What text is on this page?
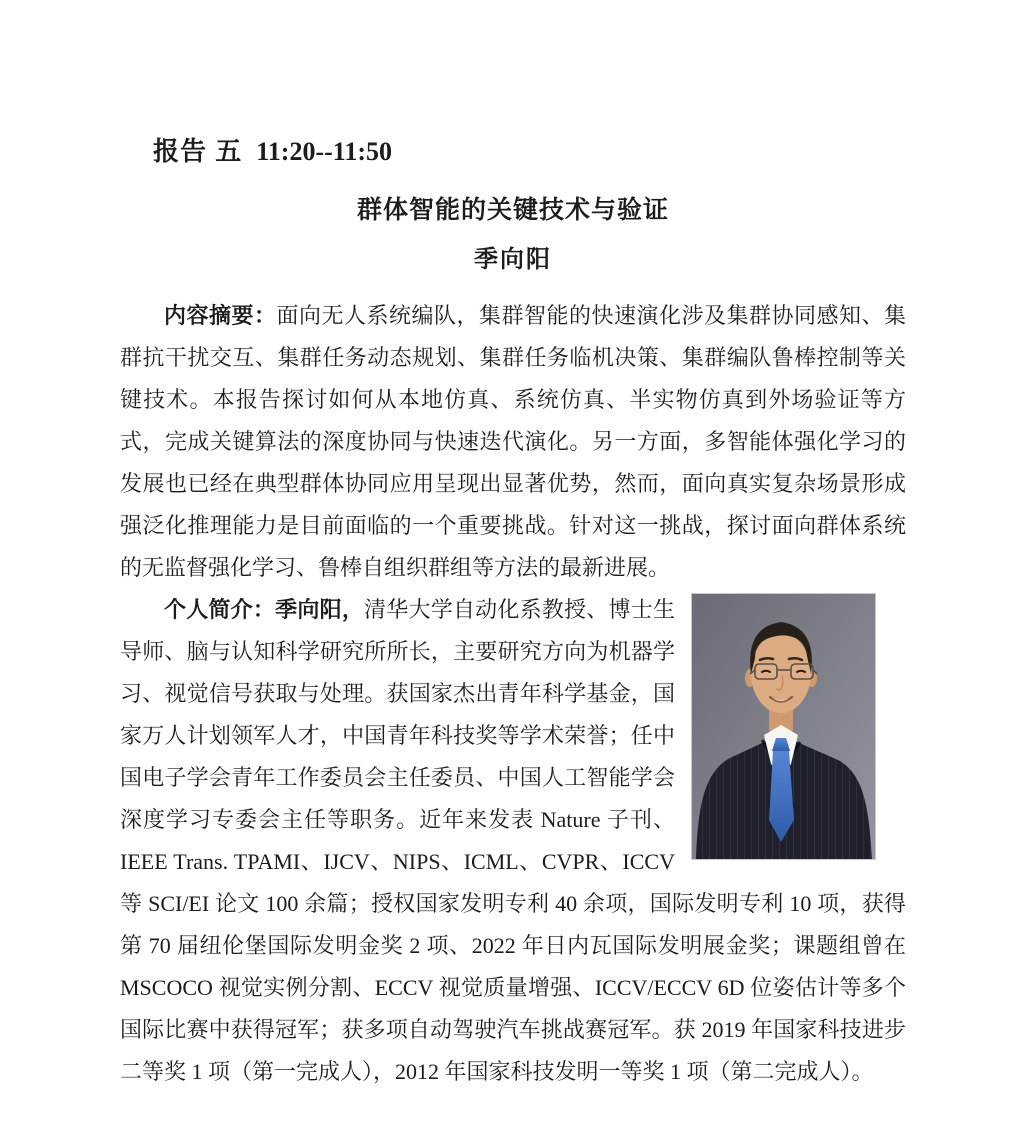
报告 五 11:20--11:50
群体智能的关键技术与验证
季向阳

内容摘要：面向无人系统编队，集群智能的快速演化涉及集群协同感知、集群抗干扰交互、集群任务动态规划、集群任务临机决策、集群编队鲁棒控制等关键技术。本报告探讨如何从本地仿真、系统仿真、半实物仿真到外场验证等方式，完成关键算法的深度协同与快速迭代演化。另一方面，多智能体强化学习的发展也已经在典型群体协同应用呈现出显著优势，然而，面向真实复杂场景形成强泛化推理能力是目前面临的一个重要挑战。针对这一挑战，探讨面向群体系统的无监督强化学习、鲁棒自组织群组等方法的最新进展。

个人简介：季向阳，清华大学自动化系教授、博士生导师、脑与认知科学研究所所长，主要研究方向为机器学习、视觉信号获取与处理。获国家杰出青年科学基金，国家万人计划领军人才，中国青年科技奖等学术荣誉；任中国电子学会青年工作委员会主任委员、中国人工智能学会深度学习专委会主任等职务。近年来发表 Nature 子刊、IEEE Trans. TPAMI、IJCV、NIPS、ICML、CVPR、ICCV 等 SCI/EI 论文 100 余篇；授权国家发明专利 40 余项，国际发明专利 10 项，获得第 70 届纽伦堡国际发明金奖 2 项、2022 年日内瓦国际发明展金奖；课题组曾在 MSCOCO 视觉实例分割、ECCV 视觉质量增强、ICCV/ECCV 6D 位姿估计等多个国际比赛中获得冠军；获多项自动驾驶汽车挑战赛冠军。获 2019 年国家科技进步二等奖 1 项（第一完成人），2012 年国家科技发明一等奖 1 项（第二完成人）。
